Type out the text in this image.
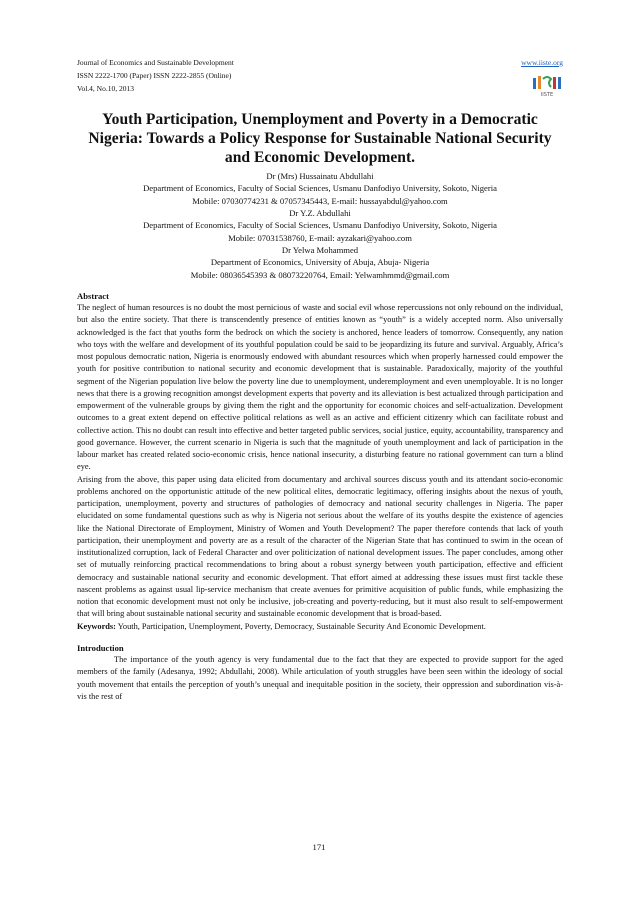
Journal of Economics and Sustainable Development
ISSN 2222-1700 (Paper) ISSN 2222-2855 (Online)
Vol.4, No.10, 2013
www.iiste.org
IISTE
Youth Participation, Unemployment and Poverty in a Democratic Nigeria: Towards a Policy Response for Sustainable National Security and Economic Development.
Dr (Mrs) Hussainatu Abdullahi
Department of Economics, Faculty of Social Sciences, Usmanu Danfodiyo University, Sokoto, Nigeria
Mobile: 07030774231 & 07057345443, E-mail: hussayabdul@yahoo.com
Dr Y.Z. Abdullahi
Department of Economics, Faculty of Social Sciences, Usmanu Danfodiyo University, Sokoto, Nigeria
Mobile: 07031538760, E-mail: ayzakari@yahoo.com
Dr Yelwa Mohammed
Department of Economics, University of Abuja, Abuja- Nigeria
Mobile: 08036545393 & 08073220764, Email: Yelwamhmmd@gmail.com
Abstract

The neglect of human resources is no doubt the most pernicious of waste and social evil whose repercussions not only rebound on the individual, but also the entire society. That there is transcendently presence of entities known as “youth” is a widely accepted norm. Also universally acknowledged is the fact that youths form the bedrock on which the society is anchored, hence leaders of tomorrow. Consequently, any nation who toys with the welfare and development of its youthful population could be said to be jeopardizing its future and survival. Arguably, Africa’s most populous democratic nation, Nigeria is enormously endowed with abundant resources which when properly harnessed could empower the youth for positive contribution to national security and economic development that is sustainable. Paradoxically, majority of the youthful segment of the Nigerian population live below the poverty line due to unemployment, underemployment and even unemployable. It is no longer news that there is a growing recognition amongst development experts that poverty and its alleviation is best actualized through participation and empowerment of the vulnerable groups by giving them the right and the opportunity for economic choices and self-actualization. Development outcomes to a great extent depend on effective political relations as well as an active and efficient citizenry which can facilitate robust and collective action. This no doubt can result into effective and better targeted public services, social justice, equity, accountability, transparency and good governance. However, the current scenario in Nigeria is such that the magnitude of youth unemployment and lack of participation in the labour market has created related socio-economic crisis, hence national insecurity, a disturbing feature no rational government can turn a blind eye.

Arising from the above, this paper using data elicited from documentary and archival sources discuss youth and its attendant socio-economic problems anchored on the opportunistic attitude of the new political elites, democratic legitimacy, offering insights about the nexus of youth, participation, unemployment, poverty and structures of pathologies of democracy and national security challenges in Nigeria. The paper elucidated on some fundamental questions such as why is Nigeria not serious about the welfare of its youths despite the existence of agencies like the National Directorate of Employment, Ministry of Women and Youth Development? The paper therefore contends that lack of youth participation, their unemployment and poverty are as a result of the character of the Nigerian State that has continued to swim in the ocean of institutionalized corruption, lack of Federal Character and over politicization of national development issues. The paper concludes, among other set of mutually reinforcing practical recommendations to bring about a robust synergy between youth participation, effective and efficient democracy and sustainable national security and economic development. That effort aimed at addressing these issues must first tackle these nascent problems as against usual lip-service mechanism that create avenues for primitive acquisition of public funds, while emphasizing the notion that economic development must not only be inclusive, job-creating and poverty-reducing, but it must also result to self-empowerment that will bring about sustainable national security and sustainable economic development that is broad-based.

Keywords: Youth, Participation, Unemployment, Poverty, Democracy, Sustainable Security And Economic Development.

Introduction

The importance of the youth agency is very fundamental due to the fact that they are expected to provide support for the aged members of the family (Adesanya, 1992; Abdullahi, 2008). While articulation of youth struggles have been seen within the ideology of social youth movement that entails the perception of youth’s unequal and inequitable position in the society, their oppression and subordination vis-à-vis the rest of

171
